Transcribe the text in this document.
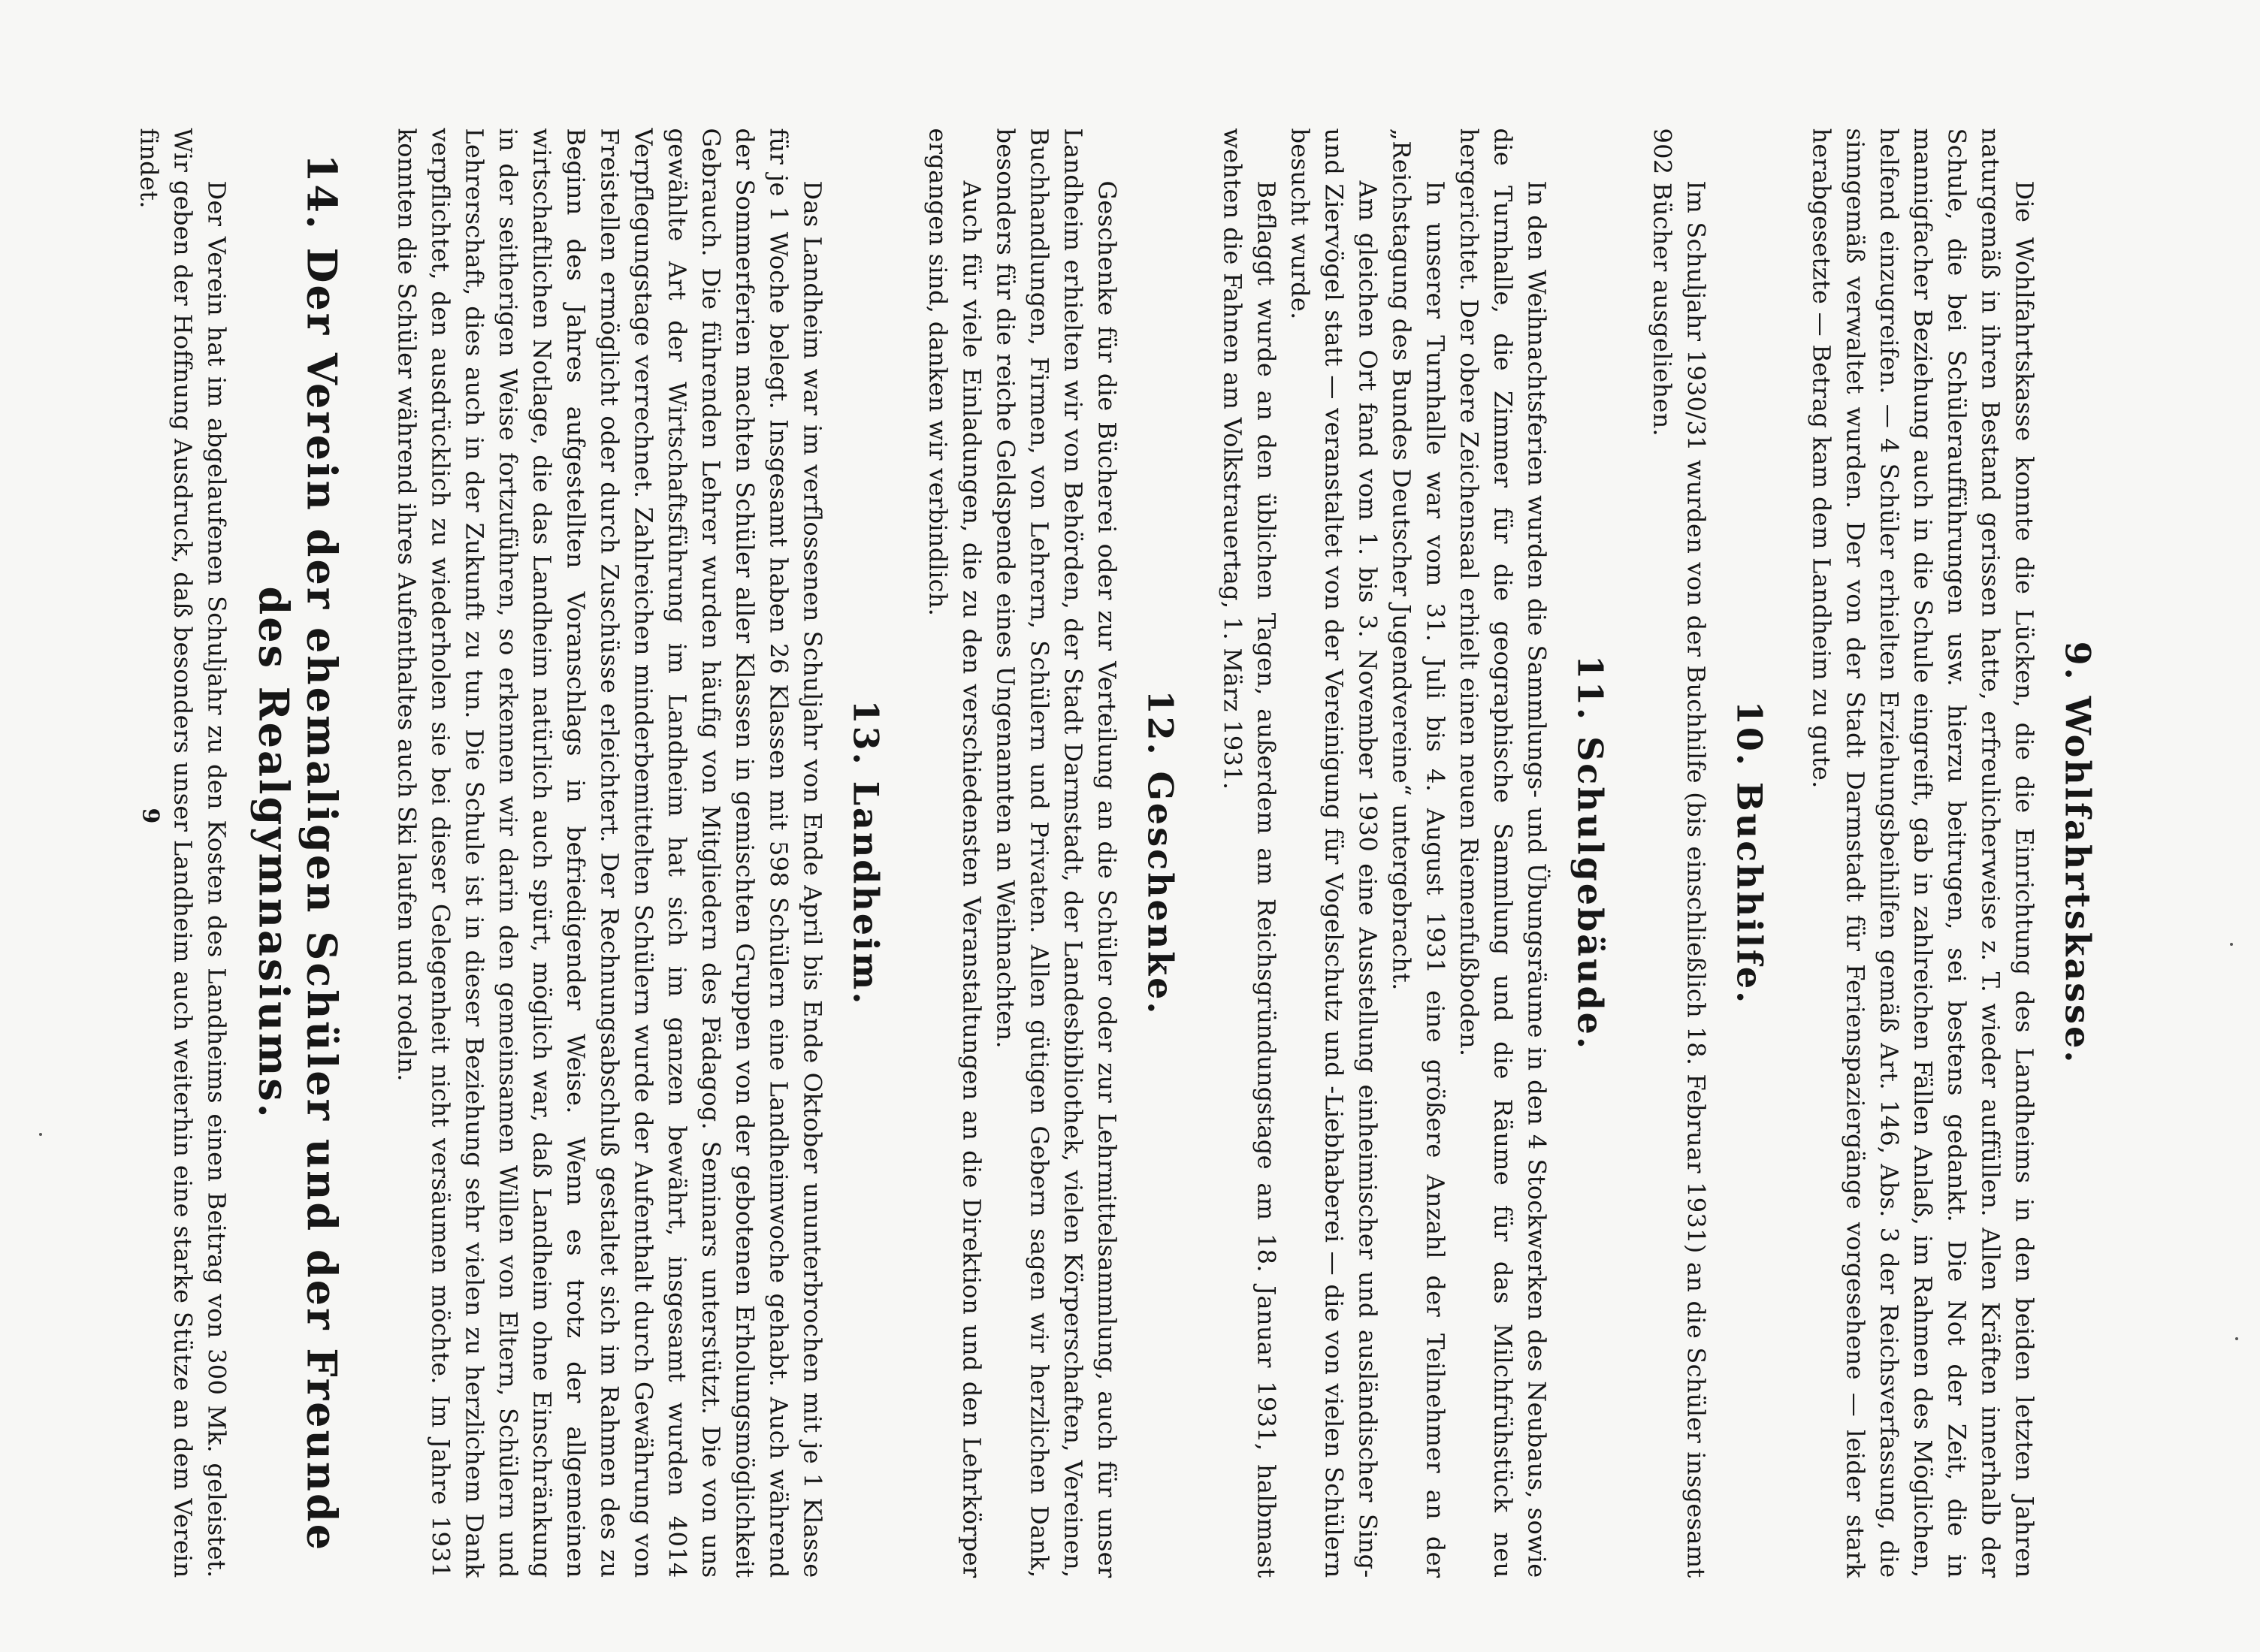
9. Wohlfahrtskasse.

Die Wohlfahrtskasse konnte die Lücken, die die Einrichtung des Landheims in den beiden letzten Jahren naturgemäß in ihren Bestand gerissen hatte, erfreulicherweise z. T. wieder auffüllen. Allen Kräften innerhalb der Schule, die bei Schüleraufführungen usw. hierzu beitrugen, sei bestens gedankt. Die Not der Zeit, die in mannigfacher Beziehung auch in die Schule eingreift, gab in zahlreichen Fällen Anlaß, im Rahmen des Möglichen, helfend einzugreifen. — 4 Schüler erhielten Erziehungsbeihilfen gemäß Art. 146, Abs. 3 der Reichsverfassung, die sinngemäß verwaltet wurden. Der von der Stadt Darmstadt für Ferienspaziergänge vorgesehene — leider stark herabgesetzte — Betrag kam dem Landheim zu gute.

10. Buchhilfe.

Im Schuljahr 1930/31 wurden von der Buchhilfe (bis einschließlich 18. Februar 1931) an die Schüler insgesamt 902 Bücher ausgeliehen.

11. Schulgebäude.

In den Weihnachtsferien wurden die Sammlungs- und Übungsräume in den 4 Stockwerken des Neubaus, sowie die Turnhalle, die Zimmer für die geographische Sammlung und die Räume für das Milchfrühstück neu hergerichtet. Der obere Zeichensaal erhielt einen neuen Riemenfußboden.

In unserer Turnhalle war vom 31. Juli bis 4. August 1931 eine größere Anzahl der Teilnehmer an der „Reichstagung des Bundes Deutscher Jugendvereine“ untergebracht.

Am gleichen Ort fand vom 1. bis 3. November 1930 eine Ausstellung einheimischer und ausländischer Sing- und Ziervögel statt — veranstaltet von der Vereinigung für Vogelschutz und -Liebhaberei — die von vielen Schülern besucht wurde.

Beflaggt wurde an den üblichen Tagen, außerdem am Reichsgründungstage am 18. Januar 1931, halbmast wehten die Fahnen am Volkstrauertag, 1. März 1931.

12. Geschenke.

Geschenke für die Bücherei oder zur Verteilung an die Schüler oder zur Lehrmittelsammlung, auch für unser Landheim erhielten wir von Behörden, der Stadt Darmstadt, der Landesbibliothek, vielen Körperschaften, Vereinen, Buchhandlungen, Firmen, von Lehrern, Schülern und Privaten. Allen gütigen Gebern sagen wir herzlichen Dank, besonders für die reiche Geldspende eines Ungenannten an Weihnachten.

Auch für viele Einladungen, die zu den verschiedensten Veranstaltungen an die Direktion und den Lehrkörper ergangen sind, danken wir verbindlich.

13. Landheim.

Das Landheim war im verflossenen Schuljahr von Ende April bis Ende Oktober ununterbrochen mit je 1 Klasse für je 1 Woche belegt. Insgesamt haben 26 Klassen mit 598 Schülern eine Landheimwoche gehabt. Auch während der Sommerferien machten Schüler aller Klassen in gemischten Gruppen von der gebotenen Erholungsmöglichkeit Gebrauch. Die führenden Lehrer wurden häufig von Mitgliedern des Pädagog. Seminars unterstützt. Die von uns gewählte Art der Wirtschaftsführung im Landheim hat sich im ganzen bewährt, insgesamt wurden 4014 Verpflegungstage verrechnet. Zahlreichen minderbemittelten Schülern wurde der Aufenthalt durch Gewährung von Freistellen ermöglicht oder durch Zuschüsse erleichtert. Der Rechnungsabschluß gestaltet sich im Rahmen des zu Beginn des Jahres aufgestellten Voranschlags in befriedigender Weise. Wenn es trotz der allgemeinen wirtschaftlichen Notlage, die das Landheim natürlich auch spürt, möglich war, daß Landheim ohne Einschränkung in der seitherigen Weise fortzuführen, so erkennen wir darin den gemeinsamen Willen von Eltern, Schülern und Lehrerschaft, dies auch in der Zukunft zu tun. Die Schule ist in dieser Beziehung sehr vielen zu herzlichem Dank verpflichtet, den ausdrücklich zu wiederholen sie bei dieser Gelegenheit nicht versäumen möchte. Im Jahre 1931 konnten die Schüler während ihres Aufenthaltes auch Ski laufen und rodeln.

14. Der Verein der ehemaligen Schüler und der Freunde des Realgymnasiums.

Der Verein hat im abgelaufenen Schuljahr zu den Kosten des Landheims einen Beitrag von 300 Mk. geleistet. Wir geben der Hoffnung Ausdruck, daß besonders unser Landheim auch weiterhin eine starke Stütze an dem Verein findet.

9
